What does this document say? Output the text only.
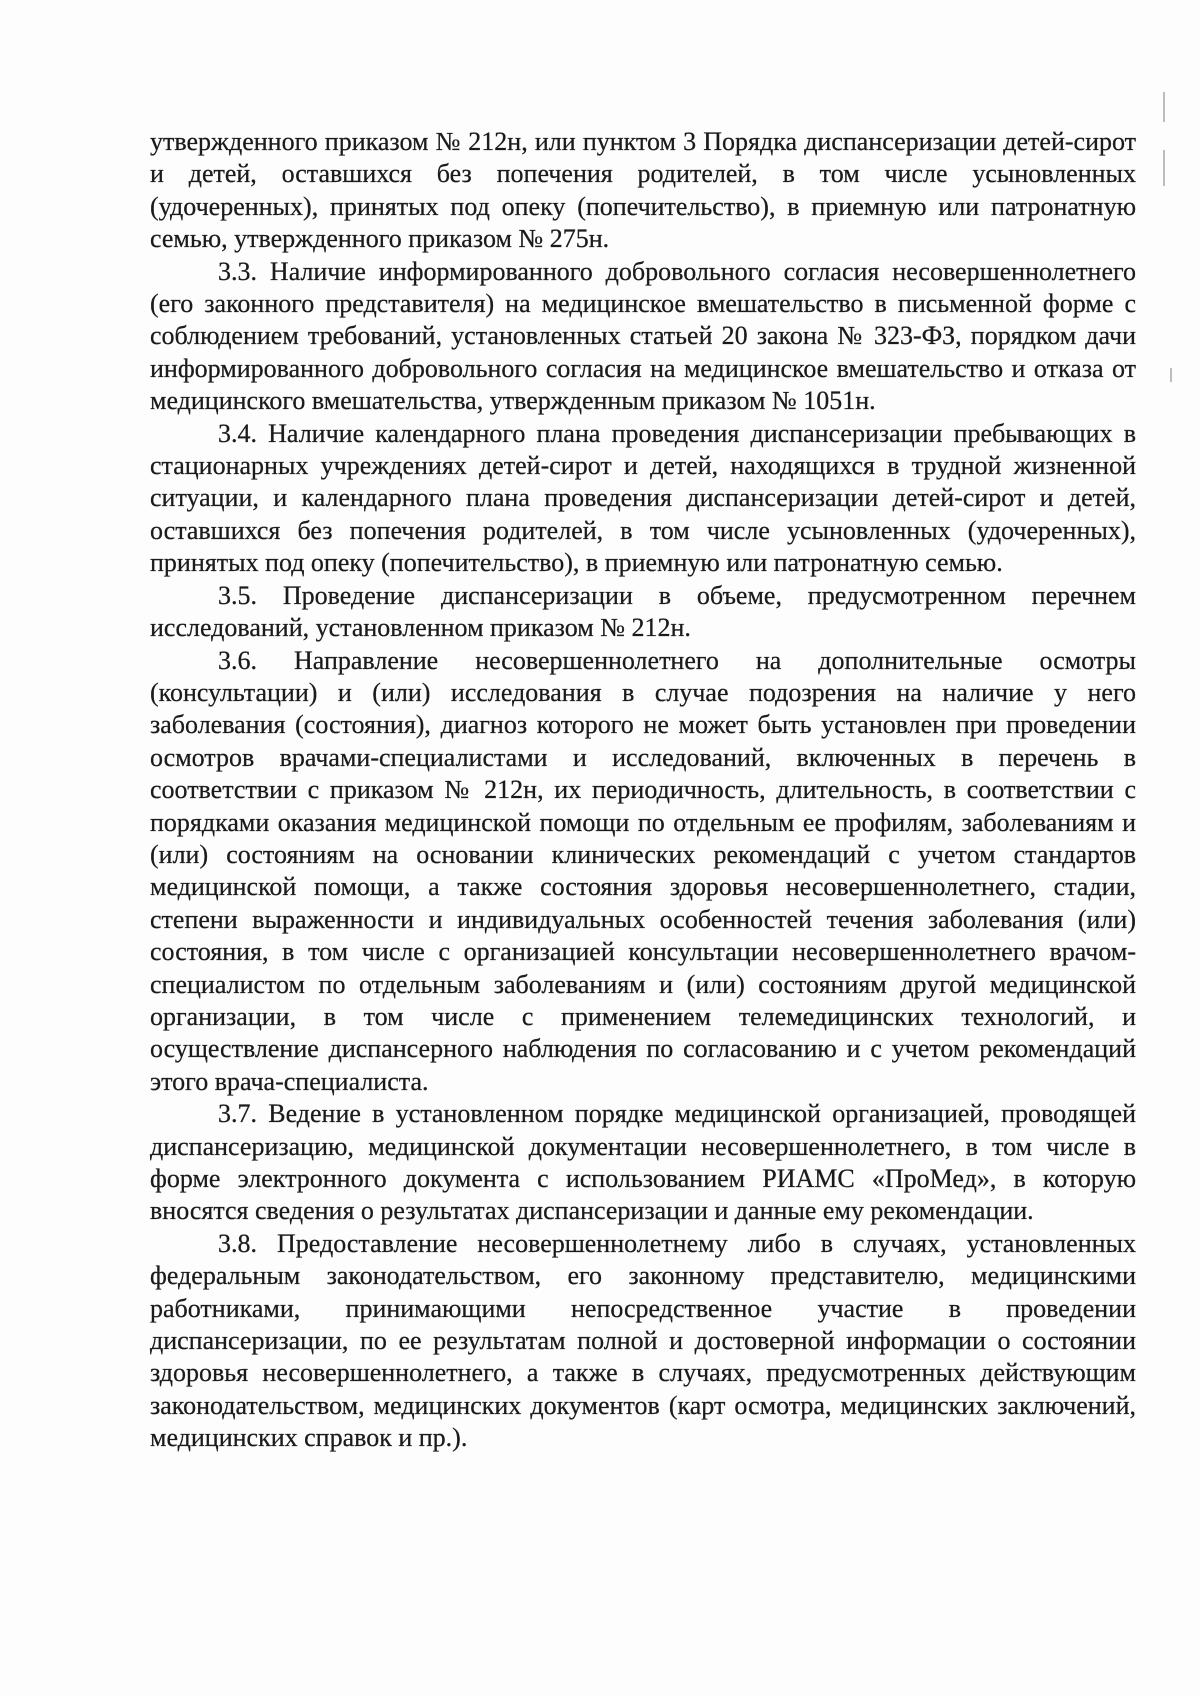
утвержденного приказом № 212н, или пунктом 3 Порядка диспансеризации детей-сирот и детей, оставшихся без попечения родителей, в том числе усыновленных (удочеренных), принятых под опеку (попечительство), в приемную или патронатную семью, утвержденного приказом № 275н.

3.3. Наличие информированного добровольного согласия несовершеннолетнего (его законного представителя) на медицинское вмешательство в письменной форме с соблюдением требований, установленных статьей 20 закона № 323-ФЗ, порядком дачи информированного добровольного согласия на медицинское вмешательство и отказа от медицинского вмешательства, утвержденным приказом № 1051н.

3.4. Наличие календарного плана проведения диспансеризации пребывающих в стационарных учреждениях детей-сирот и детей, находящихся в трудной жизненной ситуации, и календарного плана проведения диспансеризации детей-сирот и детей, оставшихся без попечения родителей, в том числе усыновленных (удочеренных), принятых под опеку (попечительство), в приемную или патронатную семью.

3.5. Проведение диспансеризации в объеме, предусмотренном перечнем исследований, установленном приказом № 212н.

3.6. Направление несовершеннолетнего на дополнительные осмотры (консультации) и (или) исследования в случае подозрения на наличие у него заболевания (состояния), диагноз которого не может быть установлен при проведении осмотров врачами-специалистами и исследований, включенных в перечень в соответствии с приказом № 212н, их периодичность, длительность, в соответствии с порядками оказания медицинской помощи по отдельным ее профилям, заболеваниям и (или) состояниям на основании клинических рекомендаций с учетом стандартов медицинской помощи, а также состояния здоровья несовершеннолетнего, стадии, степени выраженности и индивидуальных особенностей течения заболевания (или) состояния, в том числе с организацией консультации несовершеннолетнего врачом-специалистом по отдельным заболеваниям и (или) состояниям другой медицинской организации, в том числе с применением телемедицинских технологий, и осуществление диспансерного наблюдения по согласованию и с учетом рекомендаций этого врача-специалиста.

3.7. Ведение в установленном порядке медицинской организацией, проводящей диспансеризацию, медицинской документации несовершеннолетнего, в том числе в форме электронного документа с использованием РИАМС «ПроМед», в которую вносятся сведения о результатах диспансеризации и данные ему рекомендации.

3.8. Предоставление несовершеннолетнему либо в случаях, установленных федеральным законодательством, его законному представителю, медицинскими работниками, принимающими непосредственное участие в проведении диспансеризации, по ее результатам полной и достоверной информации о состоянии здоровья несовершеннолетнего, а также в случаях, предусмотренных действующим законодательством, медицинских документов (карт осмотра, медицинских заключений, медицинских справок и пр.).
